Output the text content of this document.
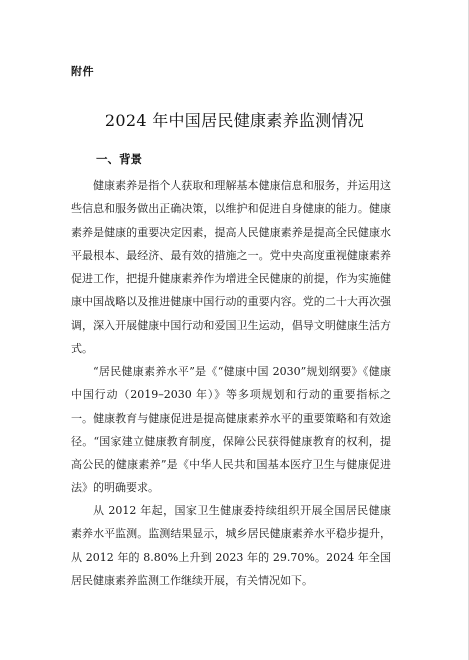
附件
2024 年中国居民健康素养监测情况
一、背景

健康素养是指个人获取和理解基本健康信息和服务，并运用这些信息和服务做出正确决策，以维护和促进自身健康的能力。健康素养是健康的重要决定因素，提高人民健康素养是提高全民健康水平最根本、最经济、最有效的措施之一。党中央高度重视健康素养促进工作，把提升健康素养作为增进全民健康的前提，作为实施健康中国战略以及推进健康中国行动的重要内容。党的二十大再次强调，深入开展健康中国行动和爱国卫生运动，倡导文明健康生活方式。

“居民健康素养水平”是《“健康中国 2030”规划纲要》《健康中国行动（2019–2030 年）》等多项规划和行动的重要指标之一。健康教育与健康促进是提高健康素养水平的重要策略和有效途径。“国家建立健康教育制度，保障公民获得健康教育的权利，提高公民的健康素养”是《中华人民共和国基本医疗卫生与健康促进法》的明确要求。

从 2012 年起，国家卫生健康委持续组织开展全国居民健康素养水平监测。监测结果显示，城乡居民健康素养水平稳步提升，从 2012 年的 8.80%上升到 2023 年的 29.70%。2024 年全国居民健康素养监测工作继续开展，有关情况如下。
